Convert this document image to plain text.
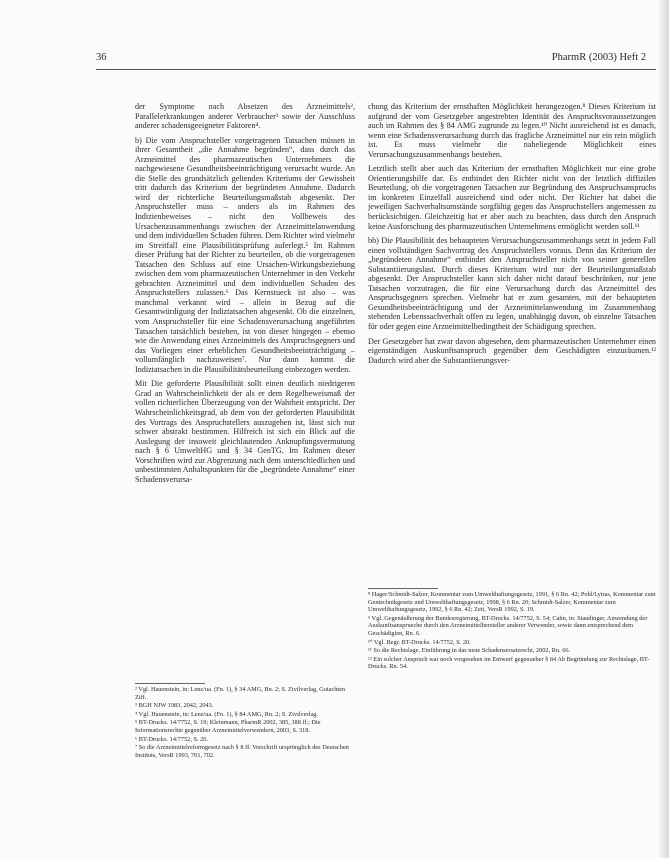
36	PharmR (2003) Heft 2

der Symptome nach Absetzen des Arzneimittels², Parallelerkrankungen anderer Verbraucher³ sowie der Ausschluss anderer schadensgeeigneter Faktoren⁴.

b) Die vom Anspruchsteller vorgetragenen Tatsachen müssen in ihrer Gesamtheit „die Annahme begründen“, dass durch das Arzneimittel des pharmazeutischen Unternehmers die nachgewiesene Gesundheitsbeeinträchtigung verursacht wurde. An die Stelle des grundsätzlich geltenden Kriteriums der Gewissheit tritt dadurch das Kriterium der begründeten Annahme. Dadurch wird der richterliche Beurteilungsmaßstab abgesenkt. Der Anspruchsteller muss – anders als im Rahmen des Indizienbeweises – nicht den Vollbeweis des Ursachenzusammenhangs zwischen der Arzneimittelanwendung und dem individuellen Schaden führen. Dem Richter wird vielmehr im Streitfall eine Plausibilitätsprüfung auferlegt.⁵ Im Rahmen dieser Prüfung hat der Richter zu beurteilen, ob die vorgetragenen Tatsachen den Schluss auf eine Ursachen-Wirkungsbeziehung zwischen dem vom pharmazeutischen Unternehmer in den Verkehr gebrachten Arzneimittel und dem individuellen Schaden des Anspruchstellers zulassen.⁶ Das Kernstueck ist also – was manchmal verkannt wird – allein in Bezug auf die Gesamtwürdigung der Indiztatsachen abgesenkt. Ob die einzelnen, vom Anspruchsteller für eine Schadensverursachung angeführten Tatsachen tatsächlich bestehen, ist von dieser hingegen – ebenso wie die Anwendung eines Arzneimittels des Anspruchsgegners und das Vorliegen einer erheblichen Gesundheitsbeeinträchtigung – vollumfänglich nachzuweisen⁷. Nur dann kommt die Indiztatsachen in die Plausibilitätsbeurteilung einbezogen werden.

Mit Die geforderte Plausibilität sollt einen deutlich niedrigeren Grad an Wahrscheinlichkeit der als er dem Regelbeweismaß der vollen richterlichen Überzeugung von der Wahrheit entspricht. Der Wahrscheinlichkeitsgrad, ab dem von der geforderten Plausibilität des Vortrags des Anspruchstellers auszugehen ist, lässt sich nur schwer abstrakt bestimmen. Hilfreich ist sich ein Blick auf die Auslegung der insoweit gleichlautenden Anknupfungsvermutung nach § 6 UmweltHG und § 34 GenTG. Im Rahmen dieser Vorschriften wird zur Abgrenzung nach dem unterschiedlichen und unbestimmten Anhaltspunkten für die „begründete Annahme“ einer Schadensverursa-

chung das Kriterium der ernsthaften Möglichkeit herangezogen.⁸ Dieses Kriterium ist aufgrund der vom Gesetzgeber angestrebten Identität des Anspruchsvoraussetzungen auch im Rahmen des § 84 AMG zugrunde zu legen.¹⁰ Nicht ausreichend ist es danach, wenn eine Schadensverursachung durch das fragliche Arzneimittel nur ein rein möglich ist. Es muss vielmehr die naheliegende Möglichkeit eines Verursachungszusammenhangs bestehen.

Letztlich stellt aber auch das Kriterium der ernsthaften Möglichkeit nur eine grobe Orientierungshilfe dar. Es entbindet den Richter nicht von der letztlich diffizilen Beurteilung, ob die vorgetragenen Tatsachen zur Begründung des Anspruchsanspruchs im konkreten Einzelfall ausreichend sind oder nicht. Der Richter hat dabei die jeweiligen Sachverhaltsumstände sorgfältig gegen das Anspruchstellers angemessen zu berücksichtigen. Gleichzeitig hat er aber auch zu beachten, dass durch den Anspruch keine Ausforschung des pharmazeutischen Unternehmens ermöglicht werden soll.¹¹

bb) Die Plausibilität des behaupteten Verursachungszusammenhangs setzt in jedem Fall einen vollständigen Sachvortrag des Anspruchstellers voraus. Denn das Kriterium der „begründeten Annahme“ entbindet den Anspruchsteller nicht von seiner generellen Substantiierungslast. Durch dieses Kriterium wird nur der Beurteilungsmaßstab abgesenkt. Der Anspruchsteller kann sich daher nicht darauf beschränken, nur jene Tatsachen vorzutragen, die für eine Verursachung durch das Arzneimittel des Anspruchsgegners sprechen. Vielmehr hat er zum gesamten, mit der behaupteten Gesundheitsbeeinträchtigung und der Arzneimittelanwendung im Zusammenhang stehenden Lebenssachverhalt offen zu legen, unabhängig davon, ob einzelne Tatsachen für oder gegen eine Arzneimittelbedingtheit der Schädigung sprechen.

Der Gesetzgeber hat zwar davon abgesehen, dem pharmazeutischen Unternehmer einen eigenständigen Auskunftsanspruch gegenüber dem Geschädigten einzuräumen.¹² Dadurch wird aber die Substantiierungsver-

² Vgl. Hauenstein, in: Lenz/ua. (Fn. 1), § 34 AMG, Rn. 2; S. Zivilverlag, Gutachten Ziff.

³ BGH NJW 1983, 2042, 2043.

⁴ Vgl. Hauenstein, in: Lenz/ua. (Fn. 1), § 84 AMG, Rn. 2; S. Zivilverlag.

⁵ BT-Drucks. 14/7752, S. 19; Kleinmann, PharmR 2002, 385, 388 ff.; Die Informationsrechte gegenüber Arzneimittelverwendern, 2003, S. 318.

⁶ BT-Drucks. 14/7752, S. 20.

⁷ So die Arzneimittelreformgesetz nach § 8 ff. Vorschrift ursprünglich des Deutschen Instituts, VersR 1993, 701, 702.

⁸ Hager/Schmidt-Salzer, Kommentar zum Umwelthaftungsgesetz, 1991, § 6 Rn. 42; Pohl/Lytras, Kommentar zum Gentechnikgesetz und Umwelthaftungsgesetz, 1998, § 6 Rn. 20; Schmidt-Salzer, Kommentar zum Umwelthaftungsgesetz, 1992, § 6 Rn. 42; Zeit, VersR 1992, S. 19.

⁹ Vgl. Gegenäußerung der Bundesregierung, BT-Drucks. 14/7752, S. 54; Cahn, in: Staudinger, Anwendung der Auskunftsansprueche durch den Arzneimittelhersteller anderer Verwender, sowie dann entsprechend dem Geschädigten, Rn. 6.

¹⁰ Vgl. Begr. BT-Drucks. 14/7752, S. 20.

¹¹ So die Rechtslage, Einführung in das neue Schadensersatzrecht, 2002, Rn. 66.

¹² Ein solcher Anspruch war noch vorgesehen im Entwurf gegenueber § 84 Ab Begründung zur Rechtslage, BT-Drucks. Rn. 54.
